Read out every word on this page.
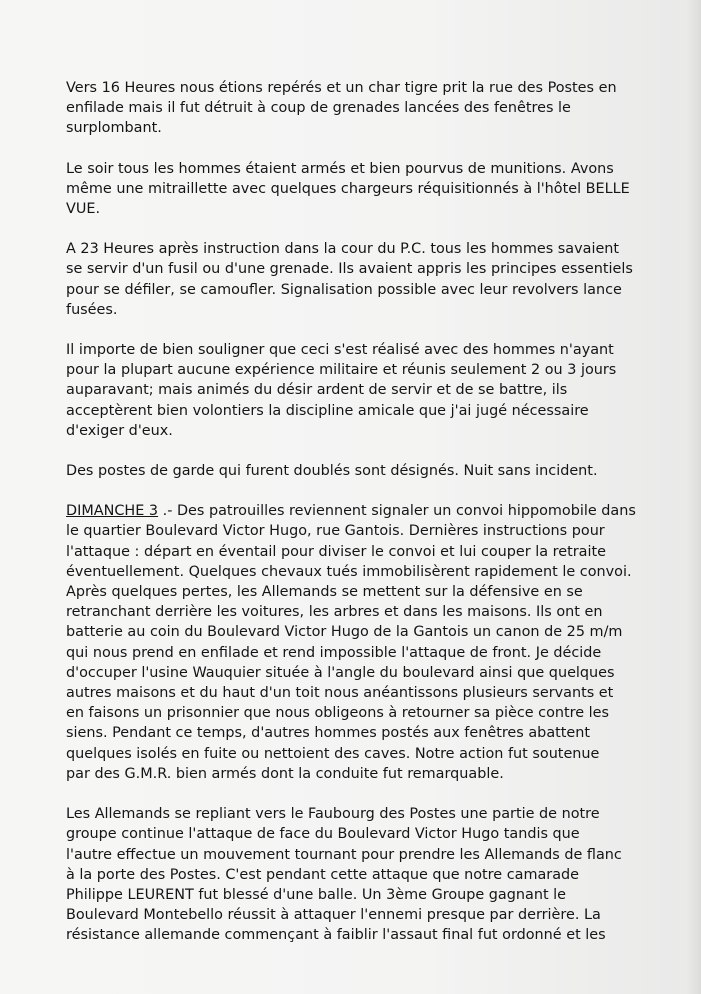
Vers 16 Heures nous étions repérés et un char tigre prit la rue des Postes en
enfilade mais il fut détruit à coup de grenades lancées des fenêtres le
surplombant.

Le soir tous les hommes étaient armés et bien pourvus de munitions. Avons
même une mitraillette avec quelques chargeurs réquisitionnés à l'hôtel BELLE
VUE.

A 23 Heures après instruction dans la cour du P.C. tous les hommes savaient
se servir d'un fusil ou d'une grenade. Ils avaient appris les principes essentiels
pour se défiler, se camoufler. Signalisation possible avec leur revolvers lance
fusées.

Il importe de bien souligner que ceci s'est réalisé avec des hommes n'ayant
pour la plupart aucune expérience militaire et réunis seulement 2 ou 3 jours
auparavant; mais animés du désir ardent de servir et de se battre, ils
acceptèrent bien volontiers la discipline amicale que j'ai jugé nécessaire
d'exiger d'eux.

Des postes de garde qui furent doublés sont désignés. Nuit sans incident.

DIMANCHE 3 .- Des patrouilles reviennent signaler un convoi hippomobile dans
le quartier Boulevard Victor Hugo, rue Gantois. Dernières instructions pour
l'attaque : départ en éventail pour diviser le convoi et lui couper la retraite
éventuellement. Quelques chevaux tués immobilisèrent rapidement le convoi.
Après quelques pertes, les Allemands se mettent sur la défensive en se
retranchant derrière les voitures, les arbres et dans les maisons. Ils ont en
batterie au coin du Boulevard Victor Hugo de la Gantois un canon de 25 m/m
qui nous prend en enfilade et rend impossible l'attaque de front. Je décide
d'occuper l'usine Wauquier située à l'angle du boulevard ainsi que quelques
autres maisons et du haut d'un toit nous anéantissons plusieurs servants et
en faisons un prisonnier que nous obligeons à retourner sa pièce contre les
siens. Pendant ce temps, d'autres hommes postés aux fenêtres abattent
quelques isolés en fuite ou nettoient des caves. Notre action fut soutenue
par des G.M.R. bien armés dont la conduite fut remarquable.

Les Allemands se repliant vers le Faubourg des Postes une partie de notre
groupe continue l'attaque de face du Boulevard Victor Hugo tandis que
l'autre effectue un mouvement tournant pour prendre les Allemands de flanc
à la porte des Postes. C'est pendant cette attaque que notre camarade
Philippe LEURENT fut blessé d'une balle. Un 3ème Groupe gagnant le
Boulevard Montebello réussit à attaquer l'ennemi presque par derrière. La
résistance allemande commençant à faiblir l'assaut final fut ordonné et les
